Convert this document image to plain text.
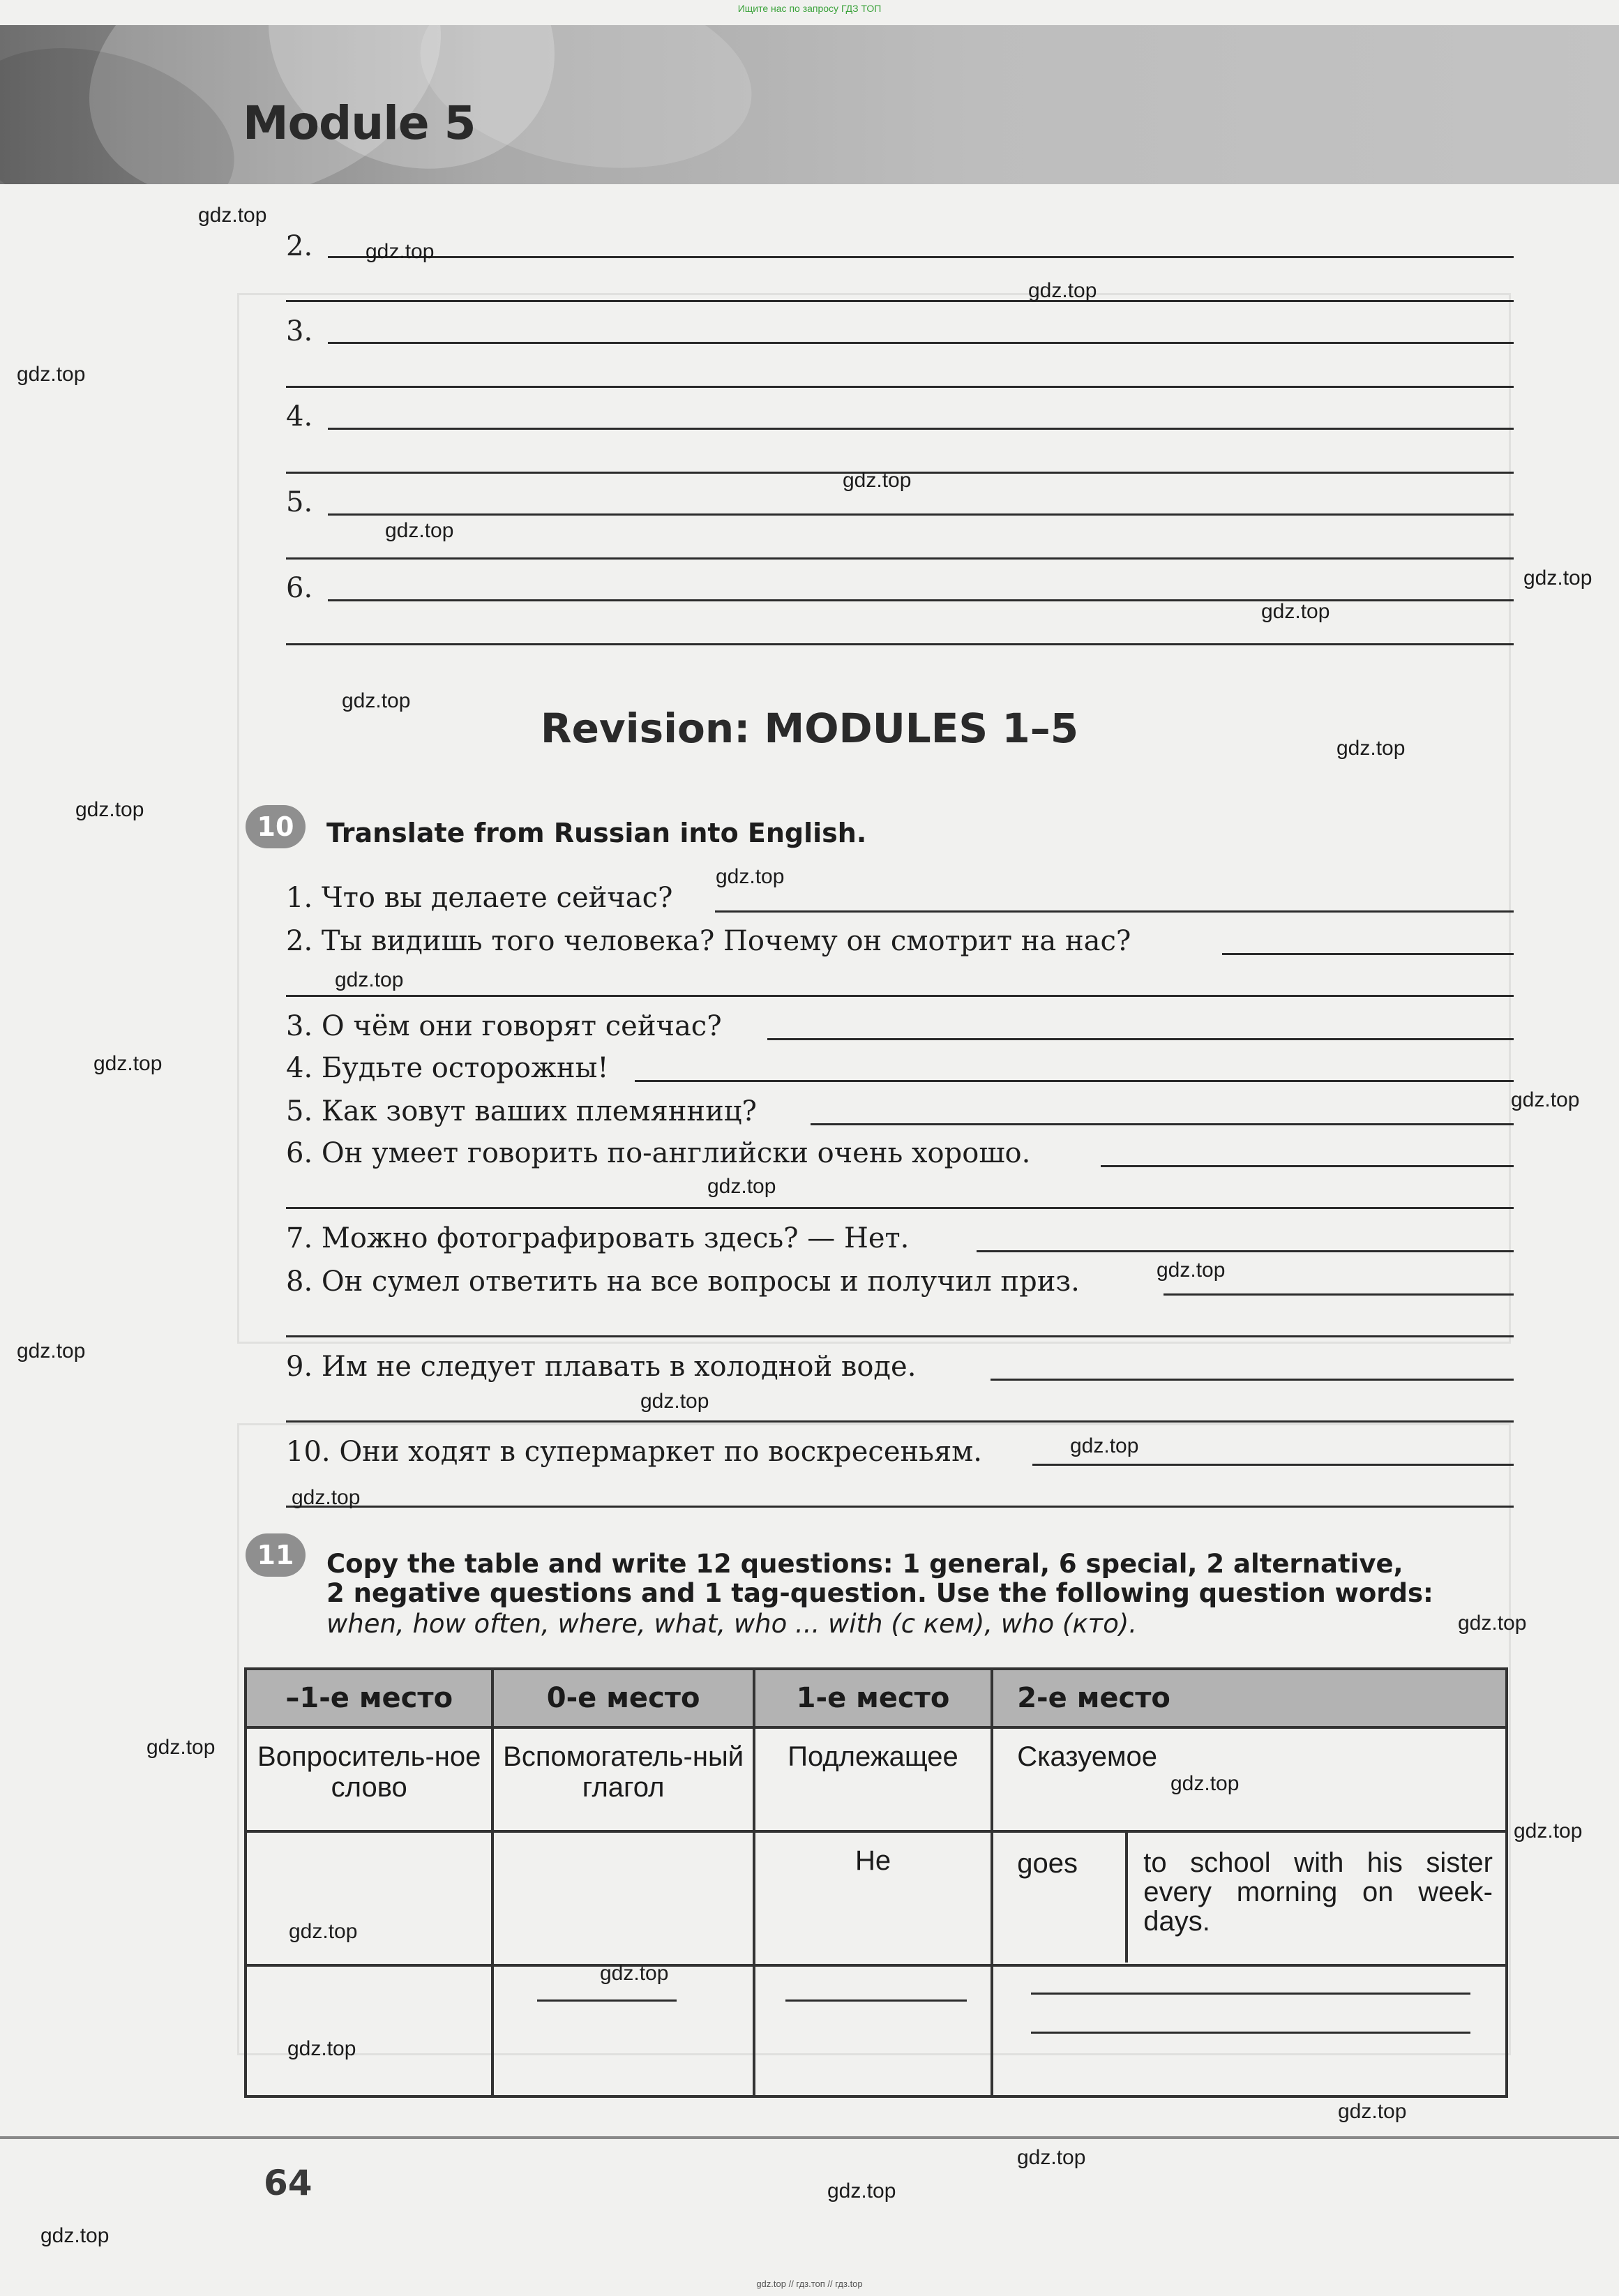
Ищите нас по запросу ГДЗ ТОП
Module 5
2.
3.
4.
5.
6.
Revision: MODULES 1–5
10	Translate from Russian into English.
1. Что вы делаете сейчас?
2. Ты видишь того человека? Почему он смотрит на нас?
3. О чём они говорят сейчас?
4. Будьте осторожны!
5. Как зовут ваших племянниц?
6. Он умеет говорить по-английски очень хорошо.
7. Можно фотографировать здесь? — Нет.
8. Он сумел ответить на все вопросы и получил приз.
9. Им не следует плавать в холодной воде.
10. Они ходят в супермаркет по воскресеньям.
11	Copy the table and write 12 questions: 1 general, 6 special, 2 alternative,
2 negative questions and 1 tag-question. Use the following question words:
when, how often, where, what, who ... with (с кем), who (кто).
–1-е место	0-е место	1-е место	2-е место
Вопроситель-ное слово	Вспомогатель-ный глагол	Подлежащее	Сказуемое
		He	goes to school with his sister every morning on week-days.

64
gdz.top // гдз.топ // гдз.top
gdz.top
gdz.top
gdz.top
gdz.top
gdz.top
gdz.top
gdz.top
gdz.top
gdz.top
gdz.top
gdz.top
gdz.top
gdz.top
gdz.top
gdz.top
gdz.top
gdz.top
gdz.top
gdz.top
gdz.top
gdz.top
gdz.top
gdz.top
gdz.top
gdz.top
gdz.top
gdz.top
gdz.top
gdz.top
gdz.top
gdz.top
gdz.top
